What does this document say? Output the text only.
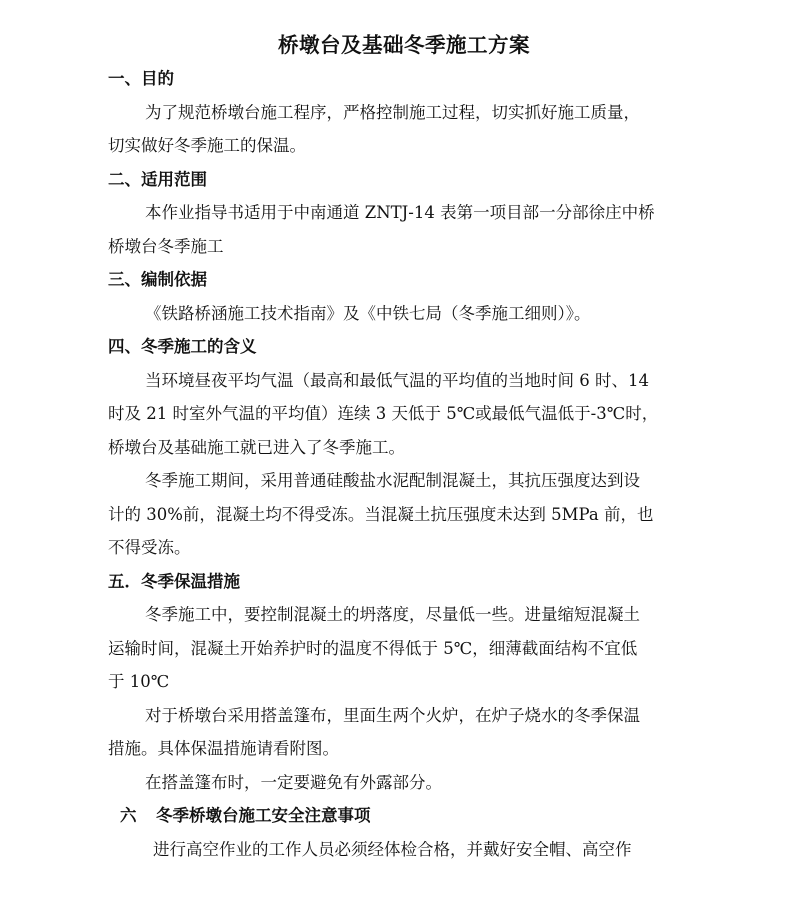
桥墩台及基础冬季施工方案
一、目的

为了规范桥墩台施工程序，严格控制施工过程，切实抓好施工质量，
切实做好冬季施工的保温。

二、适用范围

本作业指导书适用于中南通道 ZNTJ-14 表第一项目部一分部徐庄中桥
桥墩台冬季施工

三、编制依据

《铁路桥涵施工技术指南》及《中铁七局（冬季施工细则）》。

四、冬季施工的含义

当环境昼夜平均气温（最高和最低气温的平均值的当地时间 6 时、14
时及 21 时室外气温的平均值）连续 3 天低于 5℃或最低气温低于-3℃时，
桥墩台及基础施工就已进入了冬季施工。

冬季施工期间，采用普通硅酸盐水泥配制混凝土，其抗压强度达到设
计的 30%前，混凝土均不得受冻。当混凝土抗压强度未达到 5MPa 前，也
不得受冻。

五．冬季保温措施

冬季施工中，要控制混凝土的坍落度，尽量低一些。进量缩短混凝土
运输时间，混凝土开始养护时的温度不得低于 5℃，细薄截面结构不宜低
于 10℃

对于桥墩台采用搭盖篷布，里面生两个火炉，在炉子烧水的冬季保温
措施。具体保温措施请看附图。

在搭盖篷布时，一定要避免有外露部分。

六 冬季桥墩台施工安全注意事项

进行高空作业的工作人员必须经体检合格，并戴好安全帽、高空作
